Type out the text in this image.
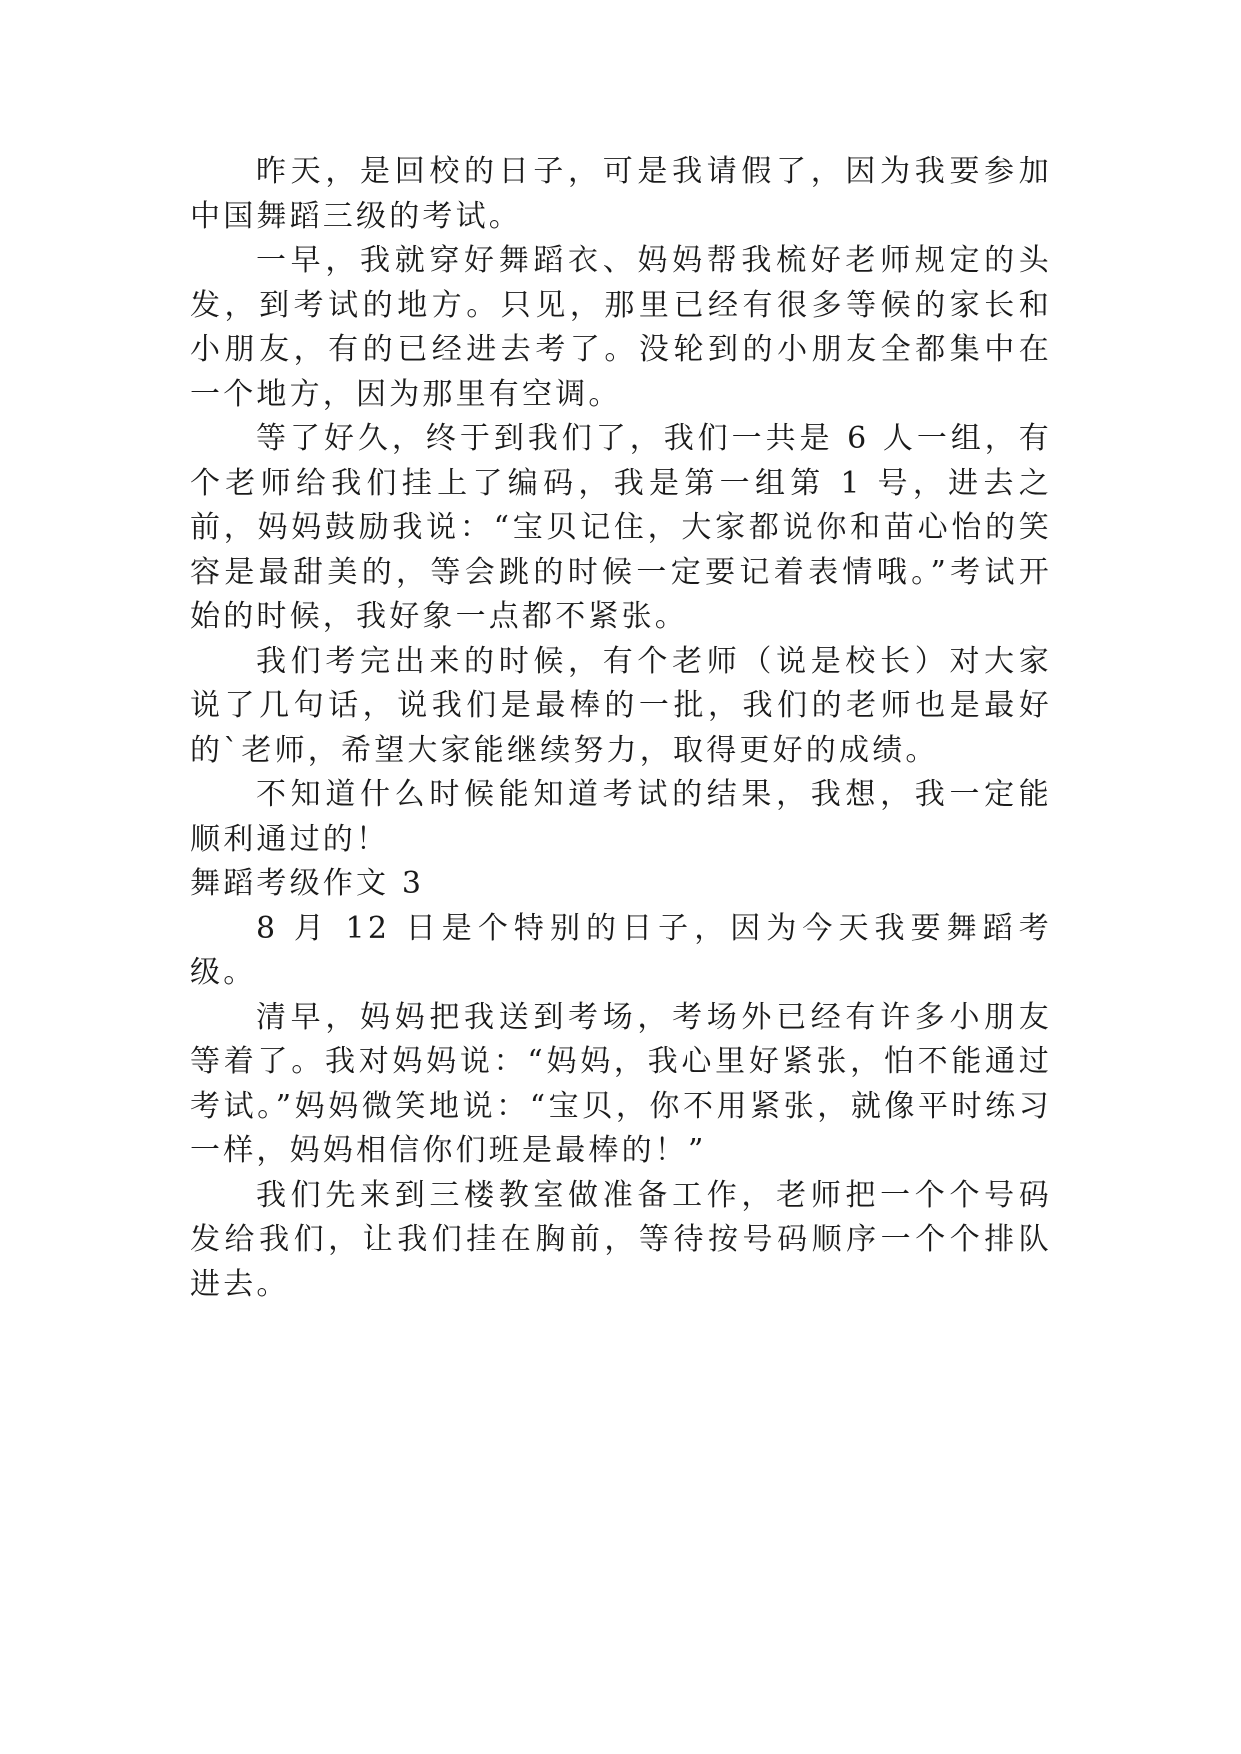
昨天，是回校的日子，可是我请假了，因为我要参加中国舞蹈三级的考试。

一早，我就穿好舞蹈衣、妈妈帮我梳好老师规定的头发，到考试的地方。只见，那里已经有很多等候的家长和小朋友，有的已经进去考了。没轮到的小朋友全都集中在一个地方，因为那里有空调。

等了好久，终于到我们了，我们一共是 6 人一组，有个老师给我们挂上了编码，我是第一组第 1 号，进去之前，妈妈鼓励我说：“宝贝记住，大家都说你和苗心怡的笑容是最甜美的，等会跳的时候一定要记着表情哦。”考试开始的时候，我好象一点都不紧张。

我们考完出来的时候，有个老师（说是校长）对大家说了几句话，说我们是最棒的一批，我们的老师也是最好的`老师，希望大家能继续努力，取得更好的成绩。

不知道什么时候能知道考试的结果，我想，我一定能顺利通过的！

舞蹈考级作文 3

8 月 12 日是个特别的日子，因为今天我要舞蹈考级。

清早，妈妈把我送到考场，考场外已经有许多小朋友等着了。我对妈妈说：“妈妈，我心里好紧张，怕不能通过考试。”妈妈微笑地说：“宝贝，你不用紧张，就像平时练习一样，妈妈相信你们班是最棒的！”

我们先来到三楼教室做准备工作，老师把一个个号码发给我们，让我们挂在胸前，等待按号码顺序一个个排队进去。
